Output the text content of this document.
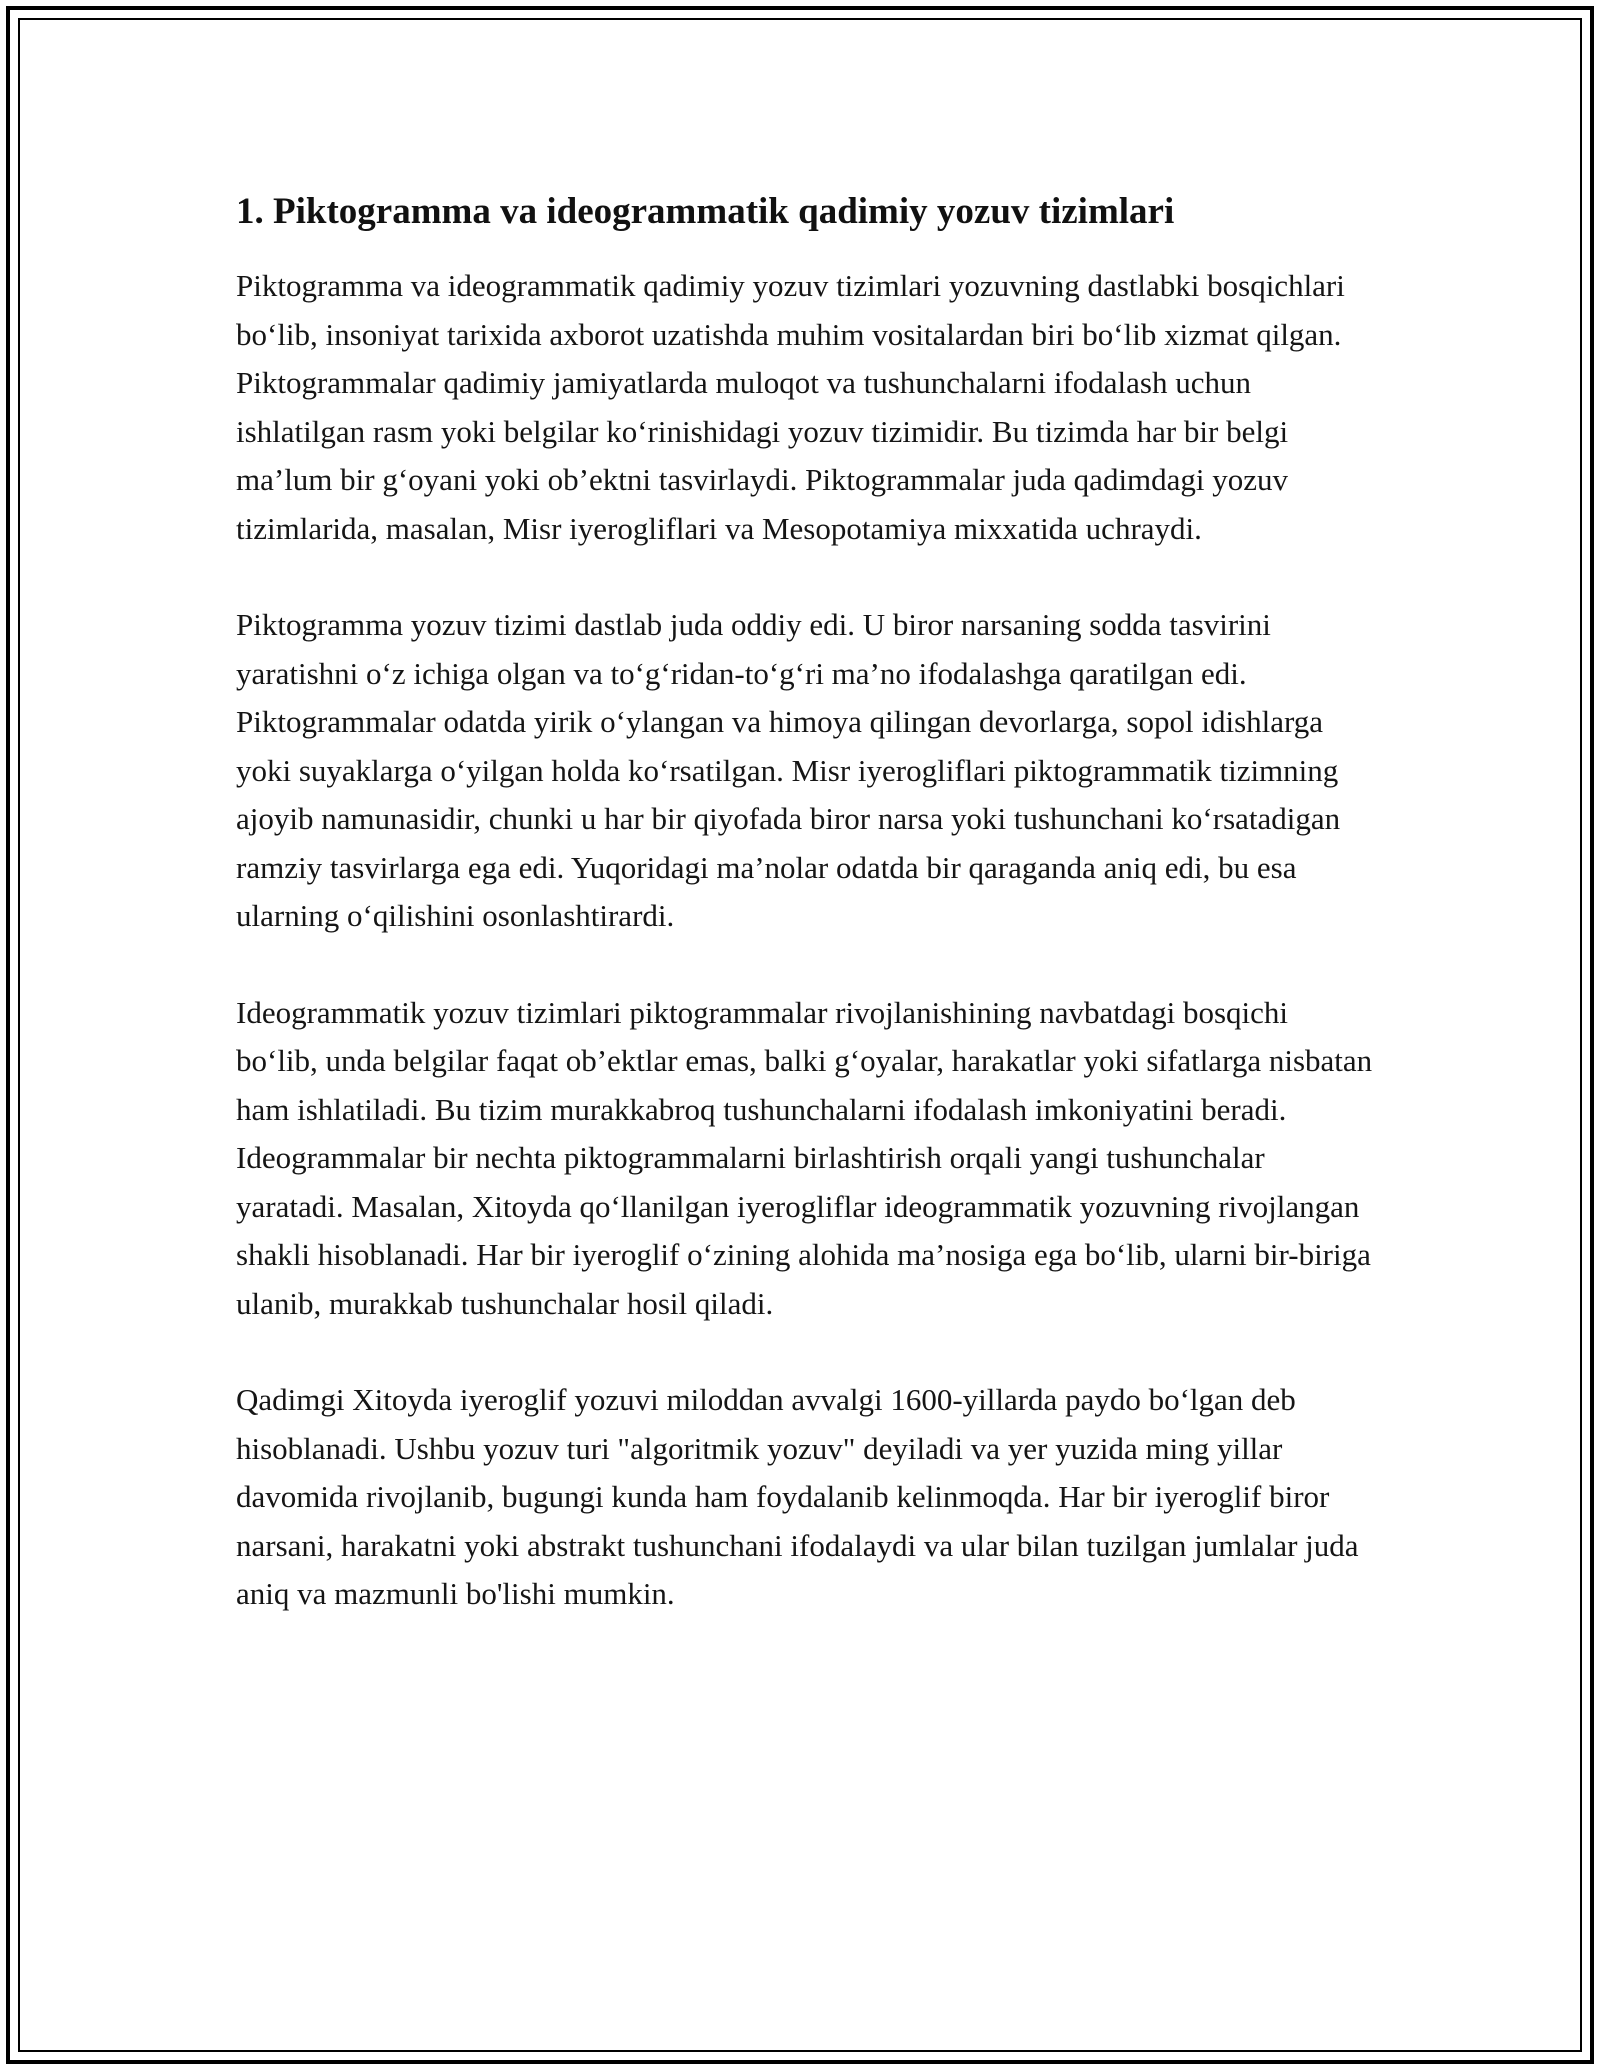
1. Piktogramma va ideogrammatik qadimiy yozuv tizimlari

Piktogramma va ideogrammatik qadimiy yozuv tizimlari yozuvning dastlabki bosqichlari bo‘lib, insoniyat tarixida axborot uzatishda muhim vositalardan biri bo‘lib xizmat qilgan. Piktogrammalar qadimiy jamiyatlarda muloqot va tushunchalarni ifodalash uchun ishlatilgan rasm yoki belgilar ko‘rinishidagi yozuv tizimidir. Bu tizimda har bir belgi ma’lum bir g‘oyani yoki ob’ektni tasvirlaydi. Piktogrammalar juda qadimdagi yozuv tizimlarida, masalan, Misr iyerogliflari va Mesopotamiya mixxatida uchraydi.

Piktogramma yozuv tizimi dastlab juda oddiy edi. U biror narsaning sodda tasvirini yaratishni o‘z ichiga olgan va to‘g‘ridan-to‘g‘ri ma’no ifodalashga qaratilgan edi. Piktogrammalar odatda yirik o‘ylangan va himoya qilingan devorlarga, sopol idishlarga yoki suyaklarga o‘yilgan holda ko‘rsatilgan. Misr iyerogliflari piktogrammatik tizimning ajoyib namunasidir, chunki u har bir qiyofada biror narsa yoki tushunchani ko‘rsatadigan ramziy tasvirlarga ega edi. Yuqoridagi ma’nolar odatda bir qaraganda aniq edi, bu esa ularning o‘qilishini osonlashtirardi.

Ideogrammatik yozuv tizimlari piktogrammalar rivojlanishining navbatdagi bosqichi bo‘lib, unda belgilar faqat ob’ektlar emas, balki g‘oyalar, harakatlar yoki sifatlarga nisbatan ham ishlatiladi. Bu tizim murakkabroq tushunchalarni ifodalash imkoniyatini beradi. Ideogrammalar bir nechta piktogrammalarni birlashtirish orqali yangi tushunchalar yaratadi. Masalan, Xitoyda qo‘llanilgan iyerogliflar ideogrammatik yozuvning rivojlangan shakli hisoblanadi. Har bir iyeroglif o‘zining alohida ma’nosiga ega bo‘lib, ularni bir-biriga ulanib, murakkab tushunchalar hosil qiladi.

Qadimgi Xitoyda iyeroglif yozuvi miloddan avvalgi 1600-yillarda paydo bo‘lgan deb hisoblanadi. Ushbu yozuv turi "algoritmik yozuv" deyiladi va yer yuzida ming yillar davomida rivojlanib, bugungi kunda ham foydalanib kelinmoqda. Har bir iyeroglif biror narsani, harakatni yoki abstrakt tushunchani ifodalaydi va ular bilan tuzilgan jumlalar juda aniq va mazmunli bo'lishi mumkin.
